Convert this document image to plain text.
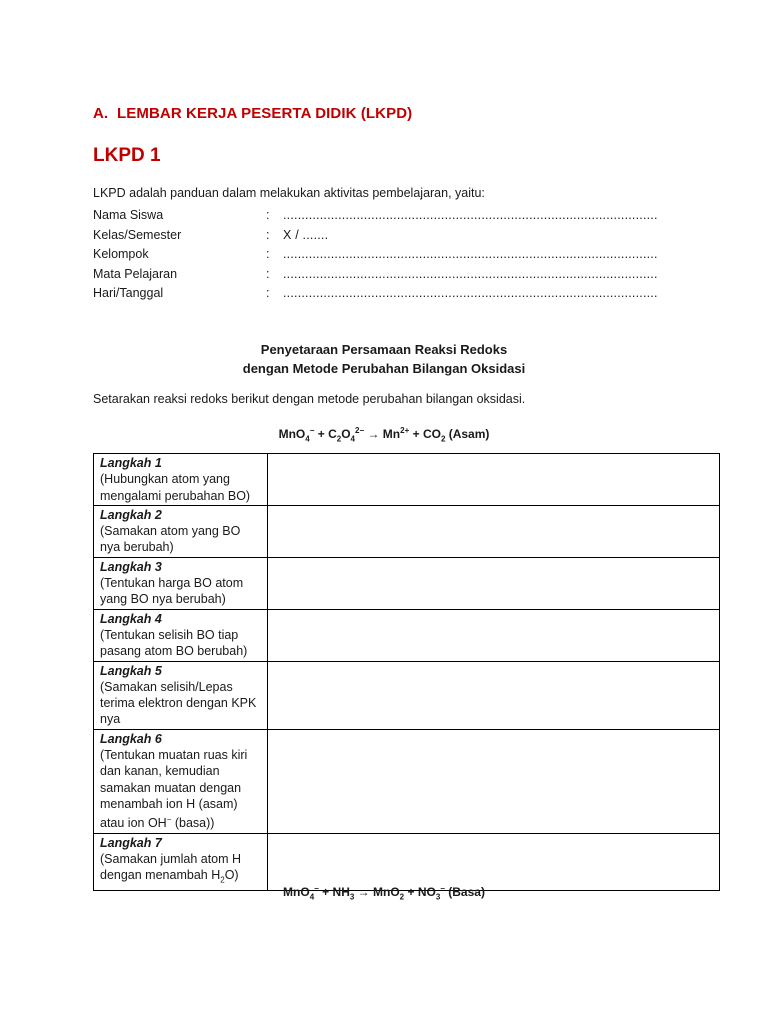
A. LEMBAR KERJA PESERTA DIDIK (LKPD)
LKPD 1
LKPD adalah panduan dalam melakukan aktivitas pembelajaran, yaitu:
Nama Siswa	: ......................................................................................................
Kelas/Semester	: X / .......
Kelompok	: ......................................................................................................
Mata Pelajaran	: ......................................................................................................
Hari/Tanggal	: ......................................................................................................
Penyetaraan Persamaan Reaksi Redoks
dengan Metode Perubahan Bilangan Oksidasi
Setarakan reaksi redoks berikut dengan metode perubahan bilangan oksidasi.
$MnO_4^- + C_2O_4^{2-} \to Mn^{2+} + CO_2$ (Asam)
Langkah 1
(Hubungkan atom yang mengalami perubahan BO)	

Langkah 2
(Samakan atom yang BO nya berubah)	

Langkah 3
(Tentukan harga BO atom yang BO nya berubah)	

Langkah 4
(Tentukan selisih BO tiap pasang atom BO berubah)	

Langkah 5
(Samakan selisih/Lepas terima elektron dengan KPK nya	

Langkah 6
(Tentukan muatan ruas kiri dan kanan, kemudian samakan muatan dengan menambah ion H (asam) atau ion OH− (basa))	

Langkah 7
(Samakan jumlah atom H dengan menambah $H_2O$)	

$MnO_4^- + NH_3 \to MnO_2 + NO_3^-$ (Basa)
